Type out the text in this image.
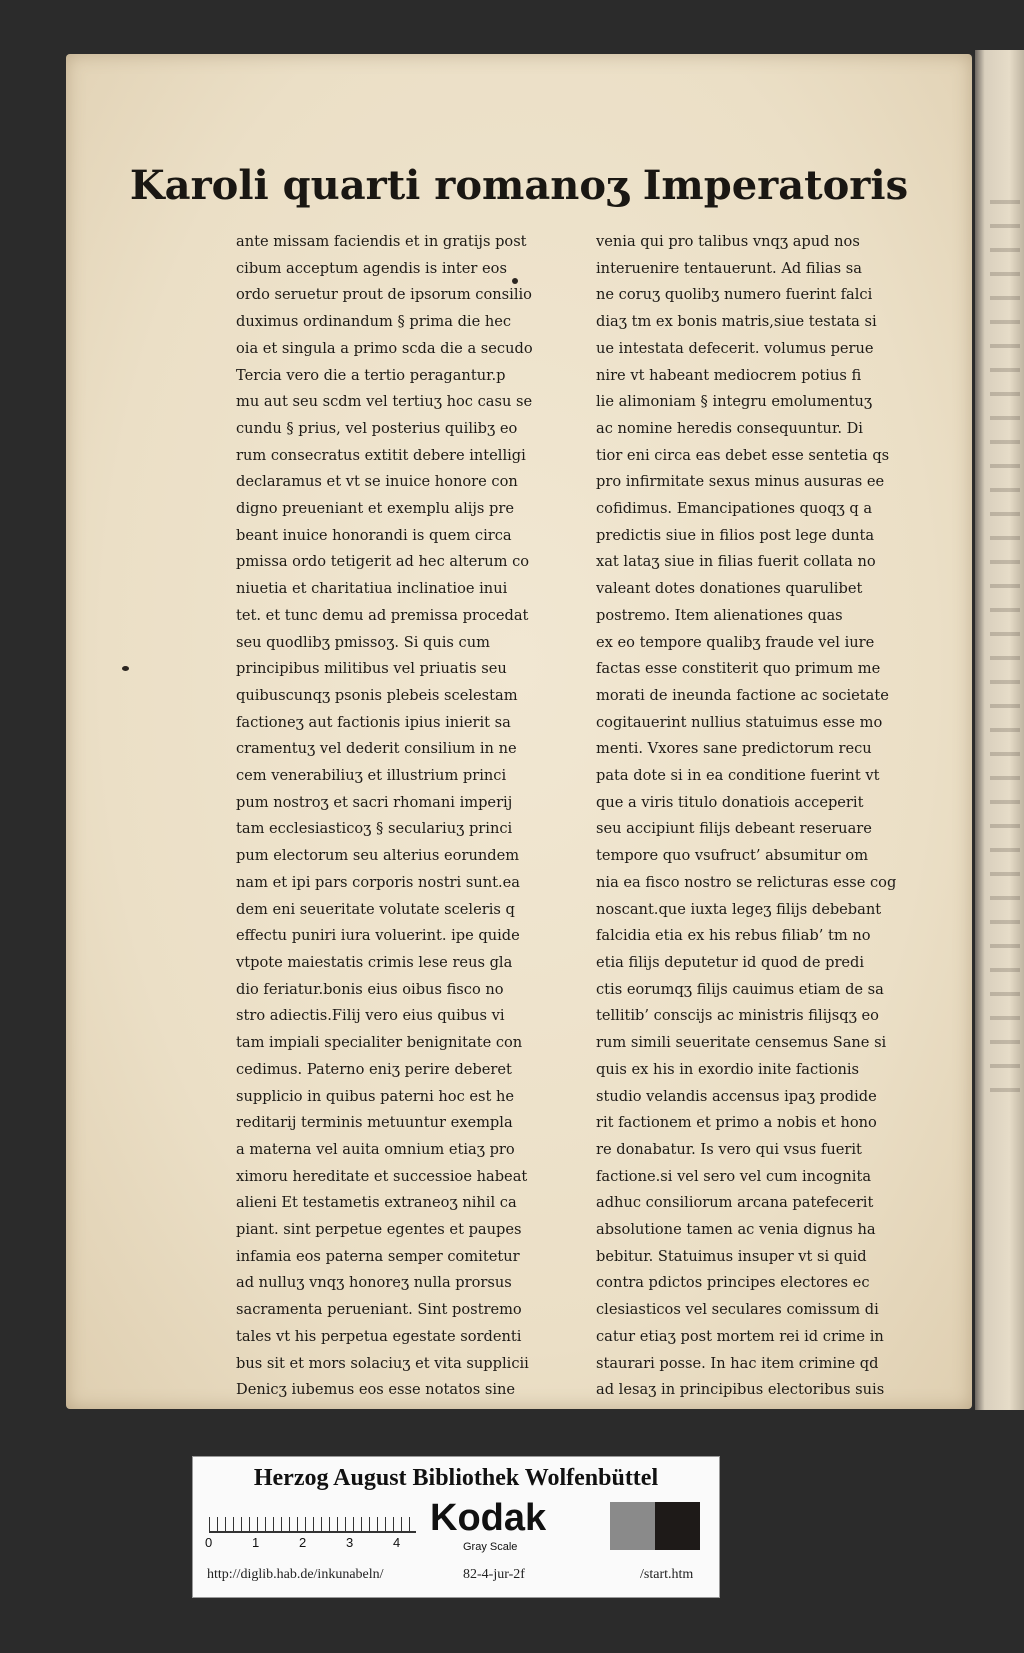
Karoli quarti romanoʒ Imperatoris
ante missam faciendis et in gratijs post
cibum acceptum agendis is inter eos
ordo seruetur prout de ipsorum consilio
duximus ordinandum § prima die hec
oia et singula a primo scda die a secudo
Tercia vero die a tertio peragantur.p
mu aut seu scdm vel tertiuʒ hoc casu se
cundu § prius, vel posterius quilibʒ eo
rum consecratus extitit debere intelligi
declaramus et vt se inuice honore con
digno preueniant et exemplu alijs pre
beant inuice honorandi is quem circa
pmissa ordo tetigerit ad hec alterum co
niuetia et charitatiua inclinatioe inui
tet. et tunc demu ad premissa procedat
seu quodlibʒ pmissoʒ. Si quis cum
principibus militibus vel priuatis seu
quibuscunqʒ psonis plebeis scelestam
factioneʒ aut factionis ipius inierit sa
cramentuʒ vel dederit consilium in ne
cem venerabiliuʒ et illustrium princi
pum nostroʒ et sacri rhomani imperij
tam ecclesiasticoʒ § seculariuʒ princi
pum electorum seu alterius eorundem
nam et ipi pars corporis nostri sunt.ea
dem eni seueritate volutate sceleris q
effectu puniri iura voluerint. ipe quide
vtpote maiestatis crimis lese reus gla
dio feriatur.bonis eius oibus fisco no
stro adiectis.Filij vero eius quibus vi
tam impiali specialiter benignitate con
cedimus. Paterno eniʒ perire deberet
supplicio in quibus paterni hoc est he
reditarij terminis metuuntur exempla
a materna vel auita omnium etiaʒ pro
ximoru hereditate et successioe habeat
alieni Et testametis extraneoʒ nihil ca
piant. sint perpetue egentes et paupes
infamia eos paterna semper comitetur
ad nulluʒ vnqʒ honoreʒ nulla prorsus
sacramenta perueniant. Sint postremo
tales vt his perpetua egestate sordenti
bus sit et mors solaciuʒ et vita supplicii
Denicʒ iubemus eos esse notatos sine
venia qui pro talibus vnqʒ apud nos
interuenire tentauerunt. Ad filias sa
ne coruʒ quolibʒ numero fuerint falci
diaʒ tm ex bonis matris,siue testata si
ue intestata defecerit. volumus perue
nire vt habeant mediocrem potius fi
lie alimoniam § integru emolumentuʒ
ac nomine heredis consequuntur. Di
tior eni circa eas debet esse sentetia qs
pro infirmitate sexus minus ausuras ee
cofidimus. Emancipationes quoqʒ q a
predictis siue in filios post lege dunta
xat lataʒ siue in filias fuerit collata no
valeant dotes donationes quarulibet
postremo. Item alienationes quas
ex eo tempore qualibʒ fraude vel iure
factas esse constiterit quo primum me
morati de ineunda factione ac societate
cogitauerint nullius statuimus esse mo
menti. Vxores sane predictorum recu
pata dote si in ea conditione fuerint vt
que a viris titulo donatiois acceperit
seu accipiunt filijs debeant reseruare
tempore quo vsufruct’ absumitur om
nia ea fisco nostro se relicturas esse cog
noscant.que iuxta legeʒ filijs debebant
falcidia etia ex his rebus filiab’ tm no
etia filijs deputetur id quod de predi
ctis eorumqʒ filijs cauimus etiam de sa
tellitib’ conscijs ac ministris filijsqʒ eo
rum simili seueritate censemus Sane si
quis ex his in exordio inite factionis
studio velandis accensus ipaʒ prodide
rit factionem et primo a nobis et hono
re donabatur. Is vero qui vsus fuerit
factione.si vel sero vel cum incognita
adhuc consiliorum arcana patefecerit
absolutione tamen ac venia dignus ha
bebitur. Statuimus insuper vt si quid
contra pdictos principes electores ec
clesiasticos vel seculares comissum di
catur etiaʒ post mortem rei id crime in
staurari posse. In hac item crimine qd
ad lesaʒ in principibus electoribus suis
Herzog August Bibliothek Wolfenbüttel
0	1	2	3	4
Kodak
Gray Scale
http://diglib.hab.de/inkunabeln/	82-4-jur-2f	/start.htm
